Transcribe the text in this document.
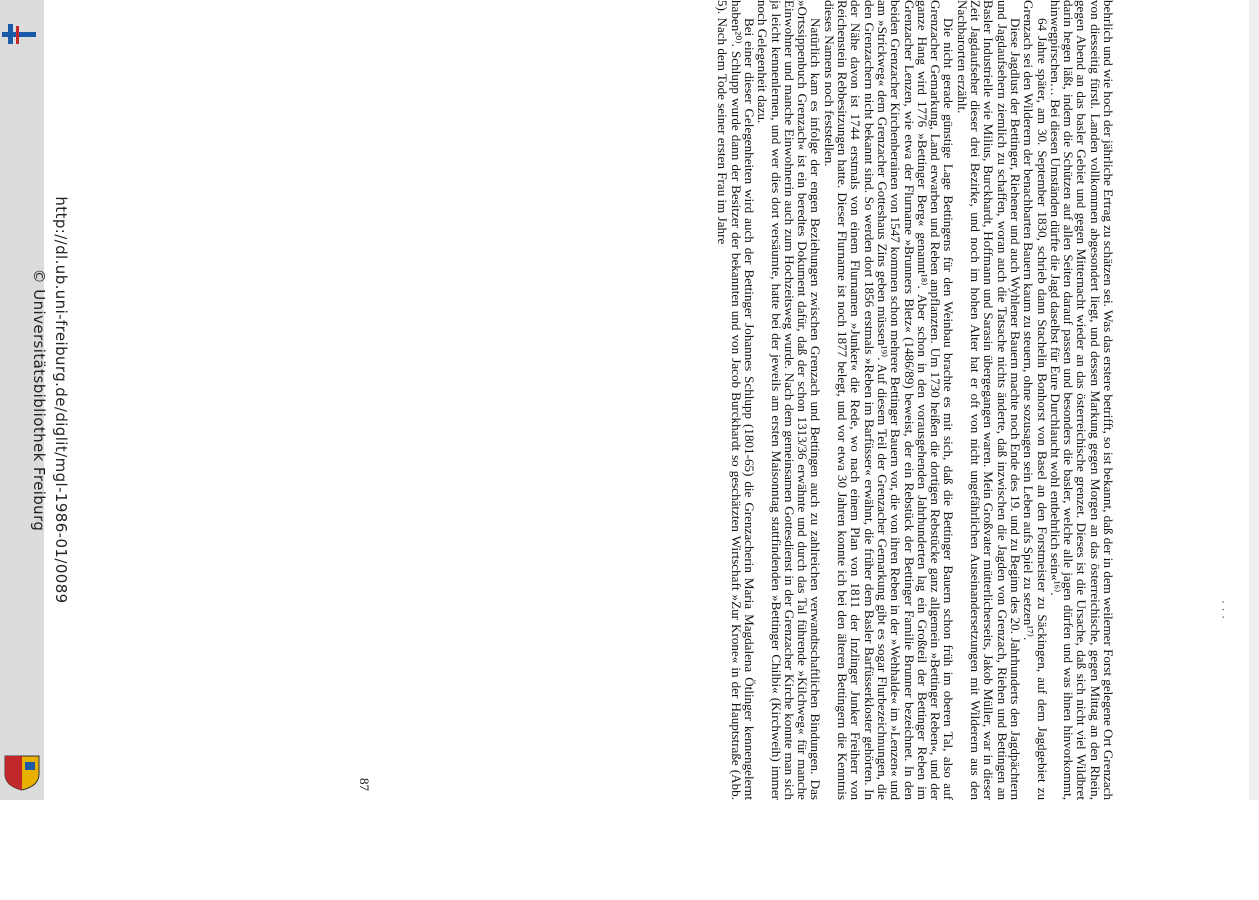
· · ·

behrlich und wie hoch der jährliche Ertrag zu schätzen sei. Was das erstere betrifft, so ist bekannt, daß der in dem weilemer Forst gelegene Ort Grenzach von diesseitig fürstl. Landen vollkommen abgesondert liegt, und dessen Markung gegen Morgen an das österreichische, gegen Mittag an den Rhein, gegen Abend an das basler Gebiet und gegen Mitternacht wieder an das österreichische grenzet. Dieses ist die Ursache, daß sich nicht viel Wildbret darin hegen läßt, indem die Schützen auf allen Seiten darauf passen und besonders die basler, welche alle jagen dürfen und was ihnen hinvorkommt, hinwegpirschen… Bei diesen Umständen dürfte die Jagd daselbst für Eure Durchlaucht wohl entbehrlich sein«¹⁶⁾.

64 Jahre später, am 30. September 1830, schrieb dann Stachelin Bonhorst von Basel an den Forstmeister zu Säckingen, auf dem Jagdgebiet zu Grenzach sei den Wilderern der benachbarten Bauern kaum zu steuern, ohne sozusagen sein Leben aufs Spiel zu setzen¹⁷⁾.

Diese Jagdlust der Bettinger, Riehener und auch Wyhlener Bauern machte noch Ende des 19. und zu Beginn des 20. Jahrhunderts den Jagdpächtern und Jagdaufsehern ziemlich zu schaffen, woran auch die Tatsache nichts änderte, daß inzwischen die Jagden von Grenzach, Riehen und Bettingen an Basler Industrielle wie Milius, Burckhardt, Hoffmann und Sarasin übergegangen waren. Mein Großvater mütterlicherseits, Jakob Müller, war in dieser Zeit Jagdaufseher dieser drei Bezirke, und noch im hohen Alter hat er oft von nicht ungefährlichen Auseinandersetzungen mit Wilderern aus den Nachbarorten erzählt.

Die nicht gerade günstige Lage Bettingens für den Weinbau brachte es mit sich, daß die Bettinger Bauern schon früh im oberen Tal, also auf Grenzacher Gemarkung, Land erwarben und Reben anpflanzten. Um 1730 heißen die dortigen Rebstücke ganz allgemein »Bettinger Reben«, und der ganze Hang wird 1776 »Bettinger Berg« genannt¹⁸⁾. Aber schon in den vorausgehenden Jahrhunderten lag ein Großteil der Bettinger Reben im Grenzacher Lenzen, wie etwa der Flurname »Brunners Bletz« (1486/89) beweist, der ein Rebstück der Bettinger Familie Brunner bezeichnet. In den beiden Grenzacher Kirchenberainen von 1547 kommen schon mehrere Bettinger Bauern vor, die von ihren Reben in der »Wehhalde« im »Lenzen« und am »Strickweg« dem Grenzacher Gotteshaus Zins geben müssen¹⁹⁾. Auf diesem Teil der Grenzacher Gemarkung gibt es sogar Flurbezeichnungen, die den Grenzachern nicht bekannt sind. So werden dort 1856 erstmals »Reben im Barfüsser« erwähnt, die früher dem Basler Barfüsserkloster gehörten. In der Nähe davon ist 1744 erstmals von einem Flurnamen »Junker« die Rede, wo nach einem Plan von 1811 der Inzlinger Junker Freiherr von Reichenstein Rebbesitzungen hatte. Dieser Flurname ist noch 1877 belegt, und vor etwa 30 Jahren konnte ich bei den älteren Bettingern die Kenntnis dieses Namens noch feststellen.

Natürlich kam es infolge der engen Beziehungen zwischen Grenzach und Bettingen auch zu zahlreichen verwandtschaftlichen Bindungen. Das »Ortssippenbuch Grenzach« ist ein beredtes Dokument dafür, daß der schon 1313/36 erwähnte und durch das Tal führende »Kilchweg« für manche Einwohner und manche Einwohnerin auch zum Hochzeitsweg wurde. Nach dem gemeinsamen Gottesdienst in der Grenzacher Kirche konnte man sich ja leicht kennenlernen, und wer dies dort versäumte, hatte bei der jeweils am ersten Maisonntag stattfindenden »Bettinger Chilbi« (Kirchweih) immer noch Gelegenheit dazu.

Bei einer dieser Gelegenheiten wird auch der Bettinger Johannes Schlupp (1801-65) die Grenzacherin Maria Magdalena Ötlinger kennengelernt haben²⁰⁾. Schlupp wurde dann der Besitzer der bekannten und von Jacob Burckhardt so geschätzten Wirtschaft »Zur Krone« in der Hauptstraße (Abb. 5). Nach dem Tode seiner ersten Frau im Jahre

87
http://dl.ub.uni-freiburg.de/diglit/mgl-1986-01/0089
© Universitätsbibliothek Freiburg
